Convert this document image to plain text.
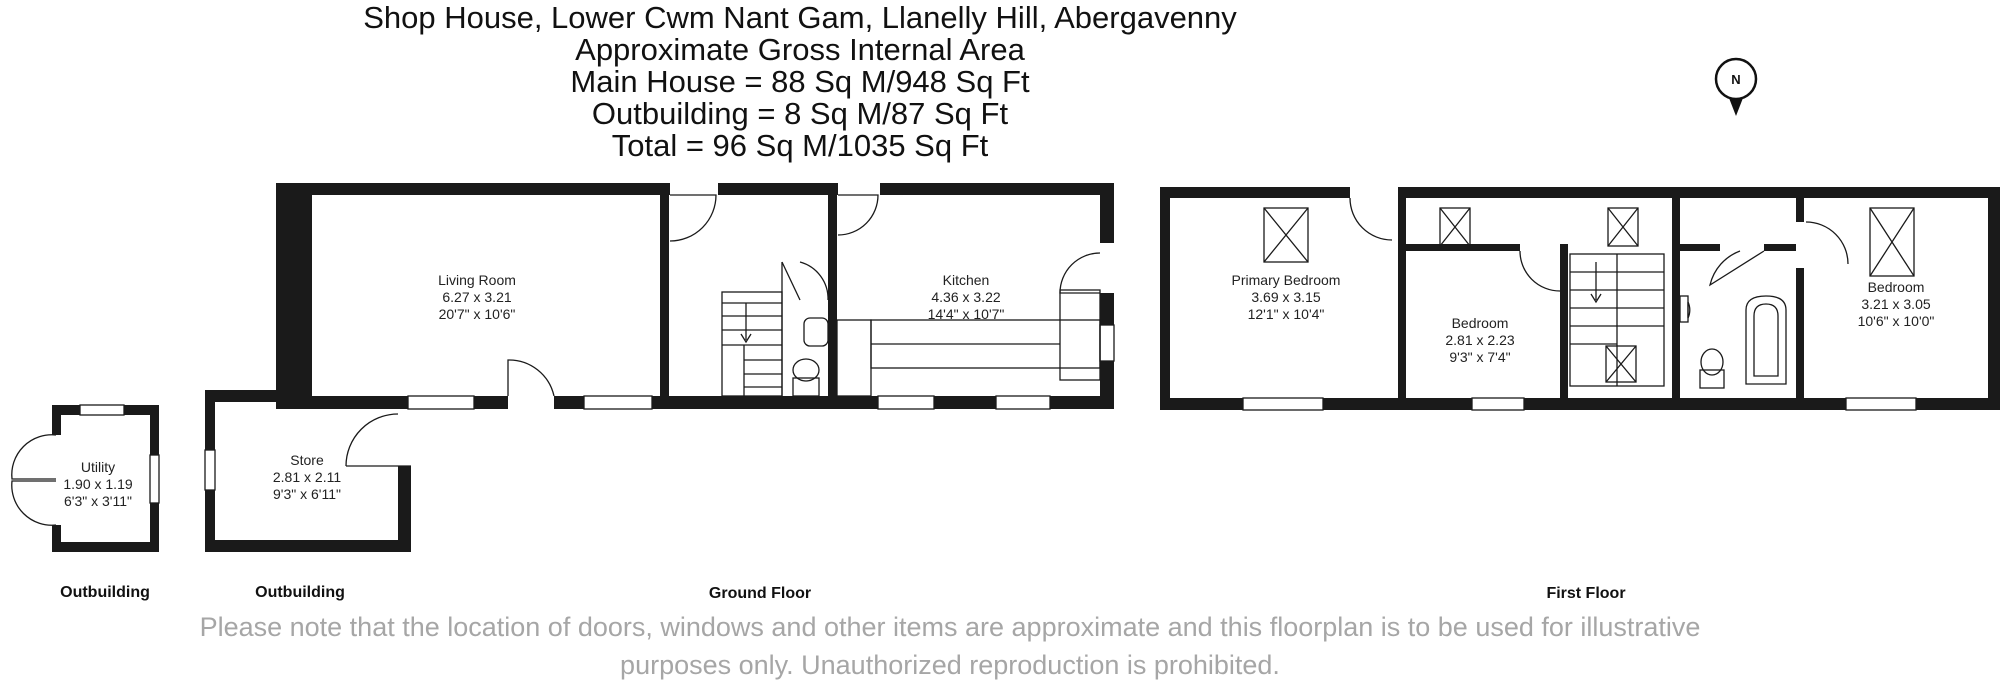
Shop House, Lower Cwm Nant Gam, Llanelly Hill, Abergavenny

Approximate Gross Internal Area

Main House = 88 Sq M/948 Sq Ft

Outbuilding = 8 Sq M/87 Sq Ft

Total = 96 Sq M/1035 Sq Ft

N
Living Room
6.27 x 3.21
20'7" x 10'6"
Kitchen
4.36 x 3.22
14'4" x 10'7"
Store
2.81 x 2.11
9'3" x 6'11"
Utility
1.90 x 1.19
6'3" x 3'11"
Primary Bedroom
3.69 x 3.15
12'1" x 10'4"
Bedroom
2.81 x 2.23
9'3" x 7'4"
Bedroom
3.21 x 3.05
10'6" x 10'0"
Outbuilding	Outbuilding	Ground Floor	First Floor

Please note that the location of doors, windows and other items are approximate and this floorplan is to be used for illustrative

purposes only. Unauthorized reproduction is prohibited.
